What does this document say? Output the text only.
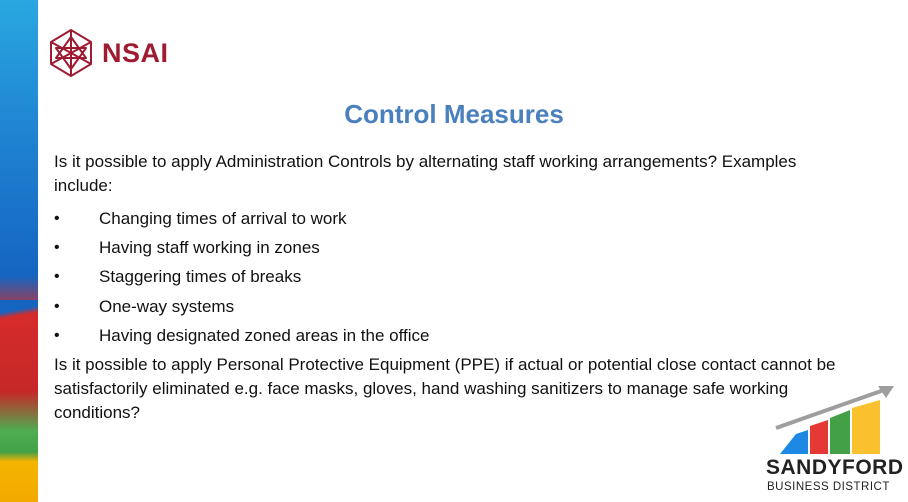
NSAI
Control Measures

Is it possible to apply Administration Controls by alternating staff working arrangements? Examples include:

•	Changing times of arrival to work
•	Having staff working in zones
•	Staggering times of breaks
•	One-way systems
•	Having designated zoned areas in the office

Is it possible to apply Personal Protective Equipment (PPE) if actual or potential close contact cannot be satisfactorily eliminated e.g. face masks, gloves, hand washing sanitizers to manage safe working conditions?

SANDYFORD
BUSINESS DISTRICT
